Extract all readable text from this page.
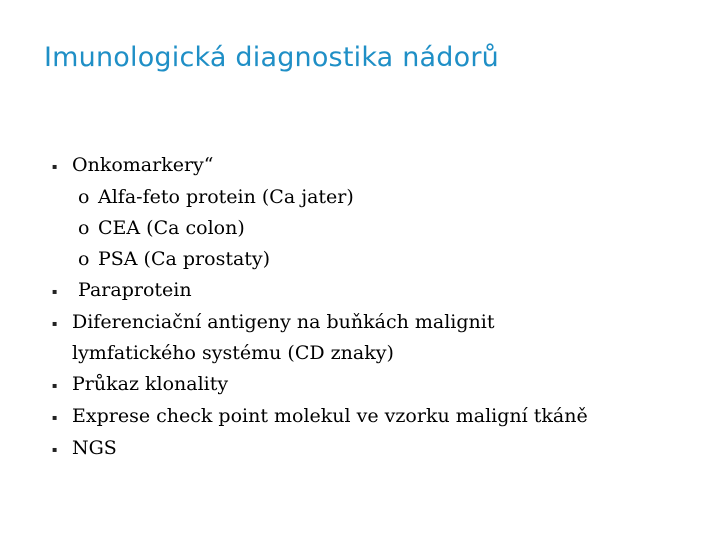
Imunologická diagnostika nádorů
▪ Onkomarkery“
o Alfa-feto protein (Ca jater)
o CEA (Ca colon)
o PSA (Ca prostaty)
▪ Paraprotein
▪ Diferenciační antigeny na buňkách malignit lymfatického systému (CD znaky)
▪ Průkaz klonality
▪ Exprese check point molekul ve vzorku maligní tkáně
▪ NGS
